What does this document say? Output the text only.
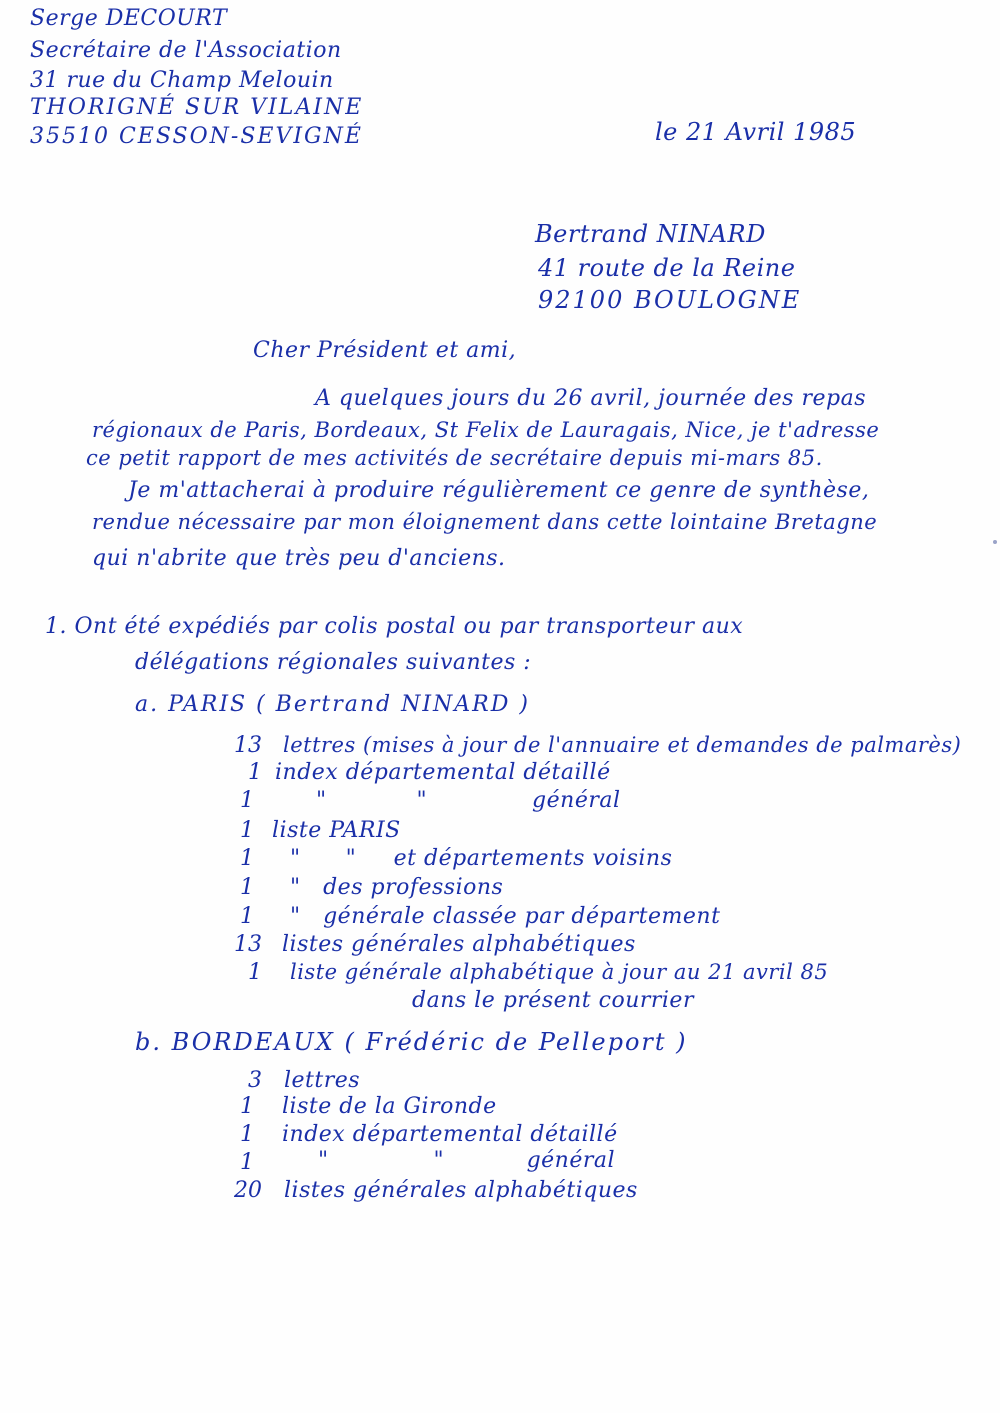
Serge DECOURT
Secrétaire de l'Association
31 rue du Champ Melouin
THORIGNÉ SUR VILAINE
35510 CESSON-SEVIGNÉ	le 21 Avril 1985
Bertrand NINARD
41 route de la Reine
92100 BOULOGNE
Cher Président et ami,
A quelques jours du 26 avril, journée des repas
régionaux de Paris, Bordeaux, St Felix de Lauragais, Nice, je t'adresse
ce petit rapport de mes activités de secrétaire depuis mi-mars 85.
Je m'attacherai à produire régulièrement ce genre de synthèse,
rendue nécessaire par mon éloignement dans cette lointaine Bretagne
qui n'abrite que très peu d'anciens.
1. Ont été expédiés par colis postal ou par transporteur aux
délégations régionales suivantes :
a. PARIS ( Bertrand NINARD )
13 lettres (mises à jour de l'annuaire et demandes de palmarès)
1 index départemental détaillé
1	"            "              général
1 liste PARIS
1 "      "     et départements voisins
1 "   des professions
1 "   générale classée par département
13 listes générales alphabétiques
1 liste générale alphabétique à jour au 21 avril 85
dans le présent courrier
b. BORDEAUX ( Frédéric de Pelleport )
3 lettres
1 liste de la Gironde
1 index départemental détaillé
1	"              "           général
20 listes générales alphabétiques
